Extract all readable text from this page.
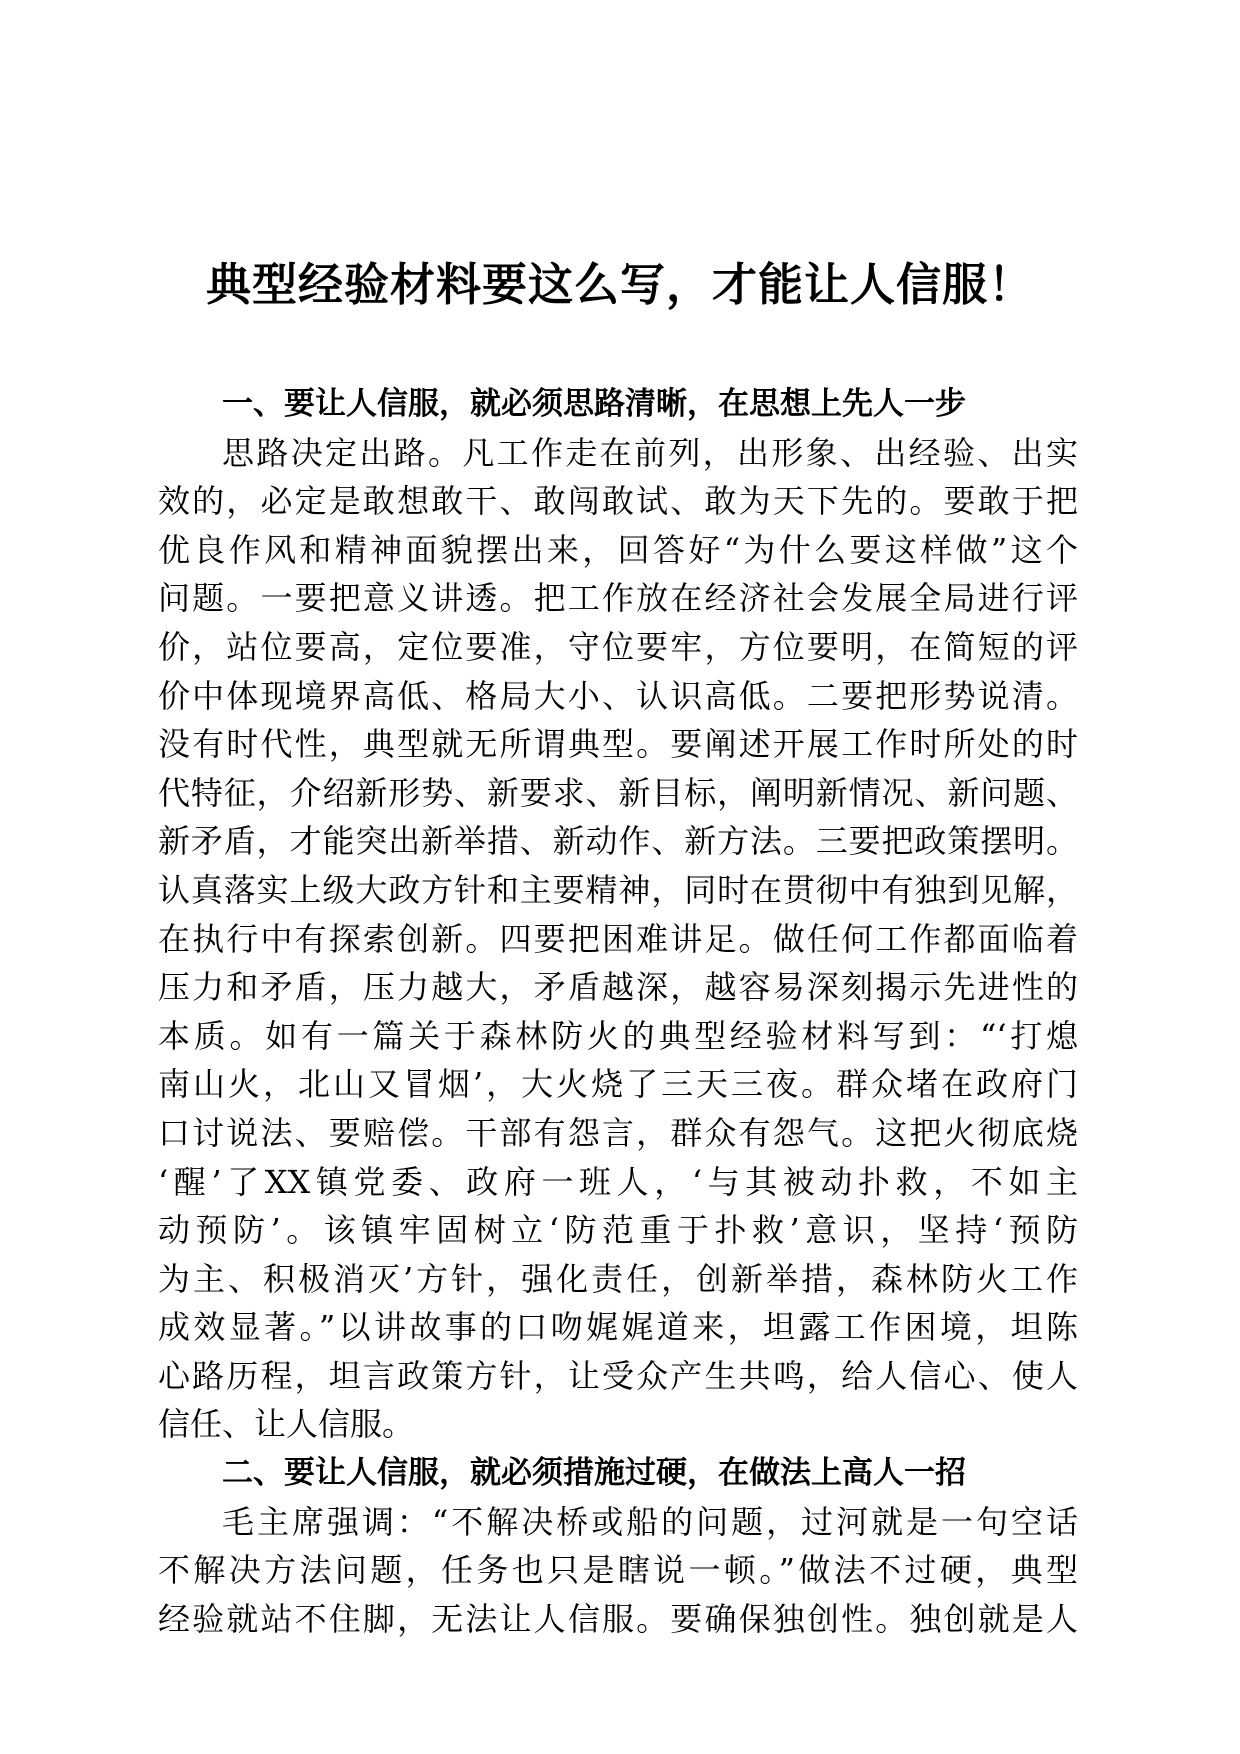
典型经验材料要这么写，才能让人信服！
一、要让人信服，就必须思路清晰，在思想上先人一步
思路决定出路。凡工作走在前列，出形象、出经验、出实
效的，必定是敢想敢干、敢闯敢试、敢为天下先的。要敢于把
优良作风和精神面貌摆出来，回答好“为什么要这样做”这个
问题。一要把意义讲透。把工作放在经济社会发展全局进行评
价，站位要高，定位要准，守位要牢，方位要明，在简短的评
价中体现境界高低、格局大小、认识高低。二要把形势说清。
没有时代性，典型就无所谓典型。要阐述开展工作时所处的时
代特征，介绍新形势、新要求、新目标，阐明新情况、新问题、
新矛盾，才能突出新举措、新动作、新方法。三要把政策摆明。
认真落实上级大政方针和主要精神，同时在贯彻中有独到见解，
在执行中有探索创新。四要把困难讲足。做任何工作都面临着
压力和矛盾，压力越大，矛盾越深，越容易深刻揭示先进性的
本质。如有一篇关于森林防火的典型经验材料写到：“‘打熄
南山火，北山又冒烟’，大火烧了三天三夜。群众堵在政府门
口讨说法、要赔偿。干部有怨言，群众有怨气。这把火彻底烧
‘醒’了XX镇党委、政府一班人，‘与其被动扑救，不如主
动预防’。该镇牢固树立‘防范重于扑救’意识，坚持‘预防
为主、积极消灭’方针，强化责任，创新举措，森林防火工作
成效显著。”以讲故事的口吻娓娓道来，坦露工作困境，坦陈
心路历程，坦言政策方针，让受众产生共鸣，给人信心、使人
信任、让人信服。
二、要让人信服，就必须措施过硬，在做法上高人一招
毛主席强调：“不解决桥或船的问题，过河就是一句空话
不解决方法问题，任务也只是瞎说一顿。”做法不过硬，典型
经验就站不住脚，无法让人信服。要确保独创性。独创就是人
